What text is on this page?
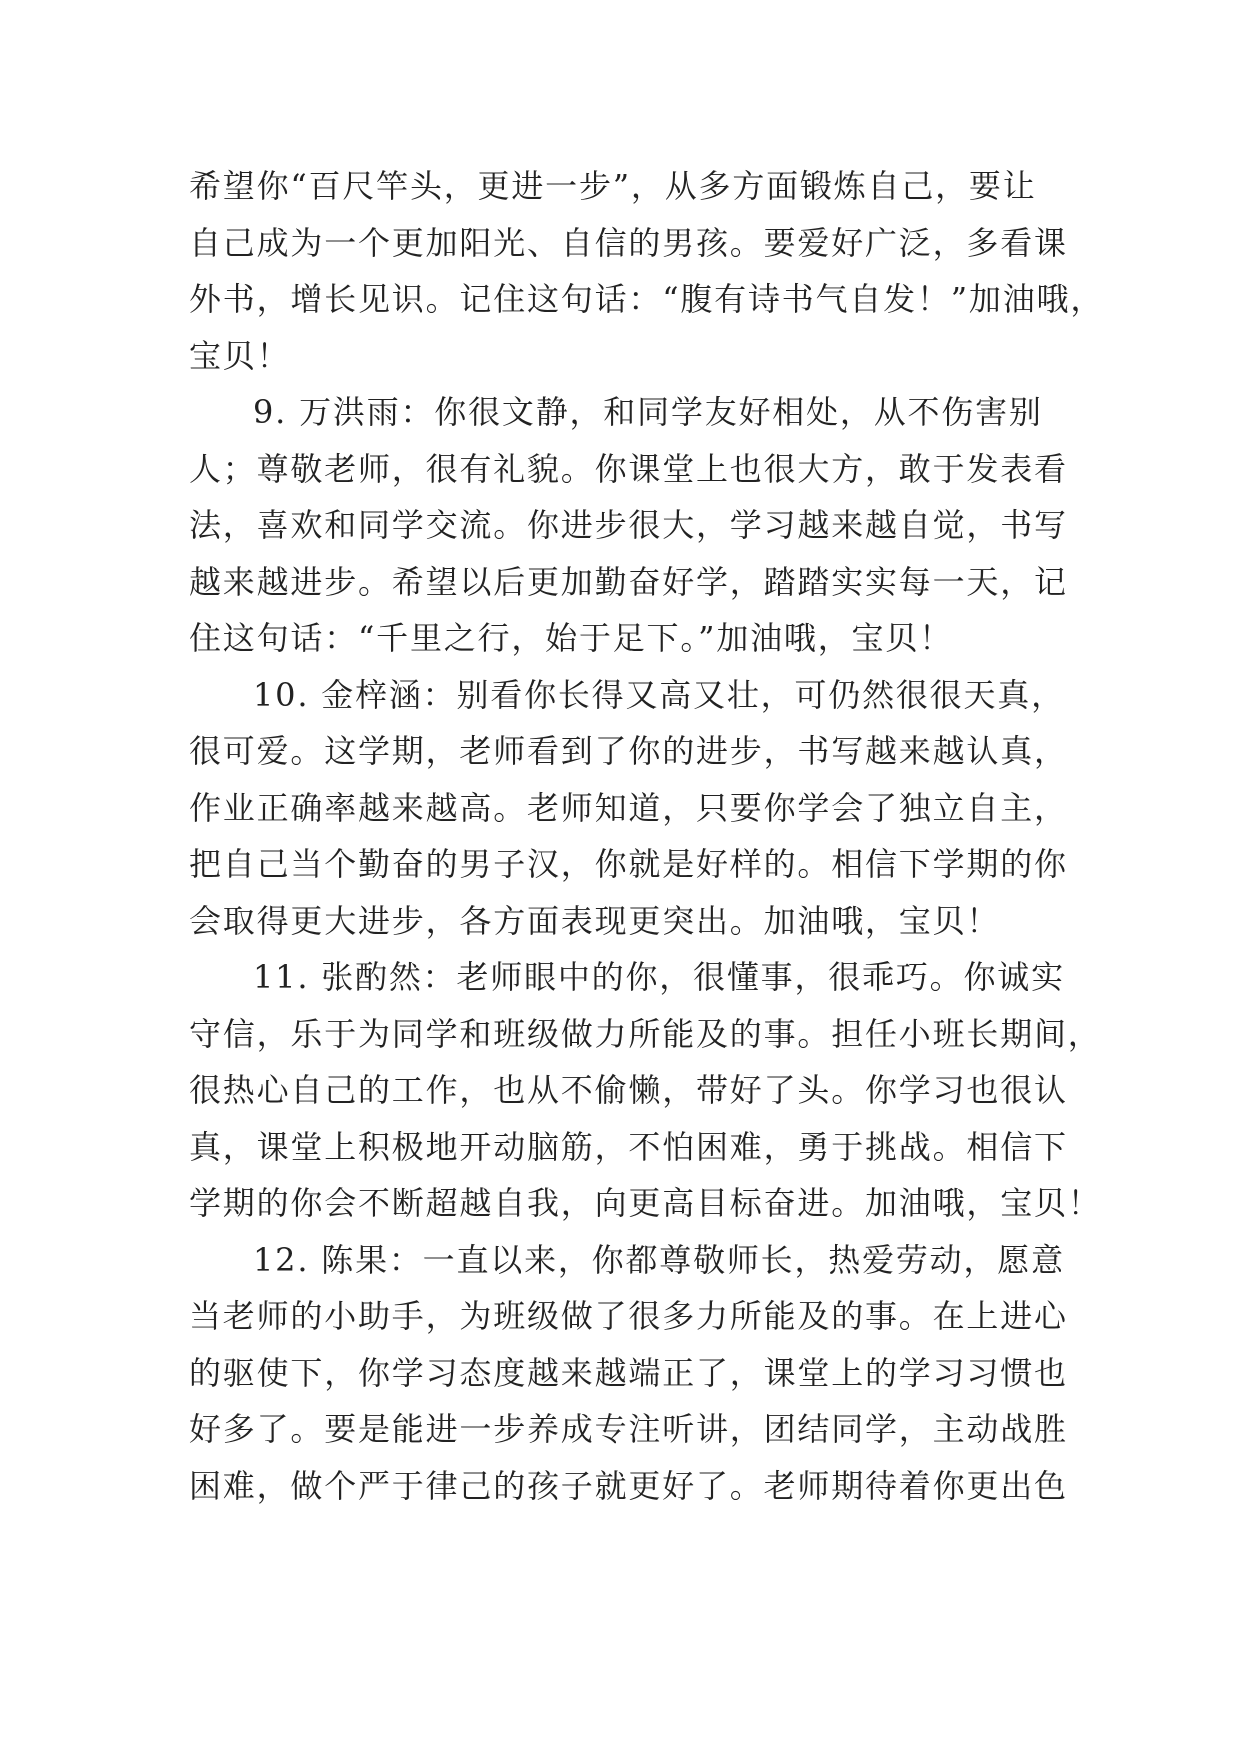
希望你“百尺竿头，更进一步”，从多方面锻炼自己，要让
自己成为一个更加阳光、自信的男孩。要爱好广泛，多看课
外书，增长见识。记住这句话：“腹有诗书气自发！”加油哦，
宝贝！
9. 万洪雨：你很文静，和同学友好相处，从不伤害别
人；尊敬老师，很有礼貌。你课堂上也很大方，敢于发表看
法，喜欢和同学交流。你进步很大，学习越来越自觉，书写
越来越进步。希望以后更加勤奋好学，踏踏实实每一天，记
住这句话：“千里之行，始于足下。”加油哦，宝贝！
10. 金梓涵：别看你长得又高又壮，可仍然很很天真，
很可爱。这学期，老师看到了你的进步，书写越来越认真，
作业正确率越来越高。老师知道，只要你学会了独立自主，
把自己当个勤奋的男子汉，你就是好样的。相信下学期的你
会取得更大进步，各方面表现更突出。加油哦，宝贝！
11. 张酌然：老师眼中的你，很懂事，很乖巧。你诚实
守信，乐于为同学和班级做力所能及的事。担任小班长期间，
很热心自己的工作，也从不偷懒，带好了头。你学习也很认
真，课堂上积极地开动脑筋，不怕困难，勇于挑战。相信下
学期的你会不断超越自我，向更高目标奋进。加油哦，宝贝！
12. 陈果：一直以来，你都尊敬师长，热爱劳动，愿意
当老师的小助手，为班级做了很多力所能及的事。在上进心
的驱使下，你学习态度越来越端正了，课堂上的学习习惯也
好多了。要是能进一步养成专注听讲，团结同学，主动战胜
困难，做个严于律己的孩子就更好了。老师期待着你更出色
